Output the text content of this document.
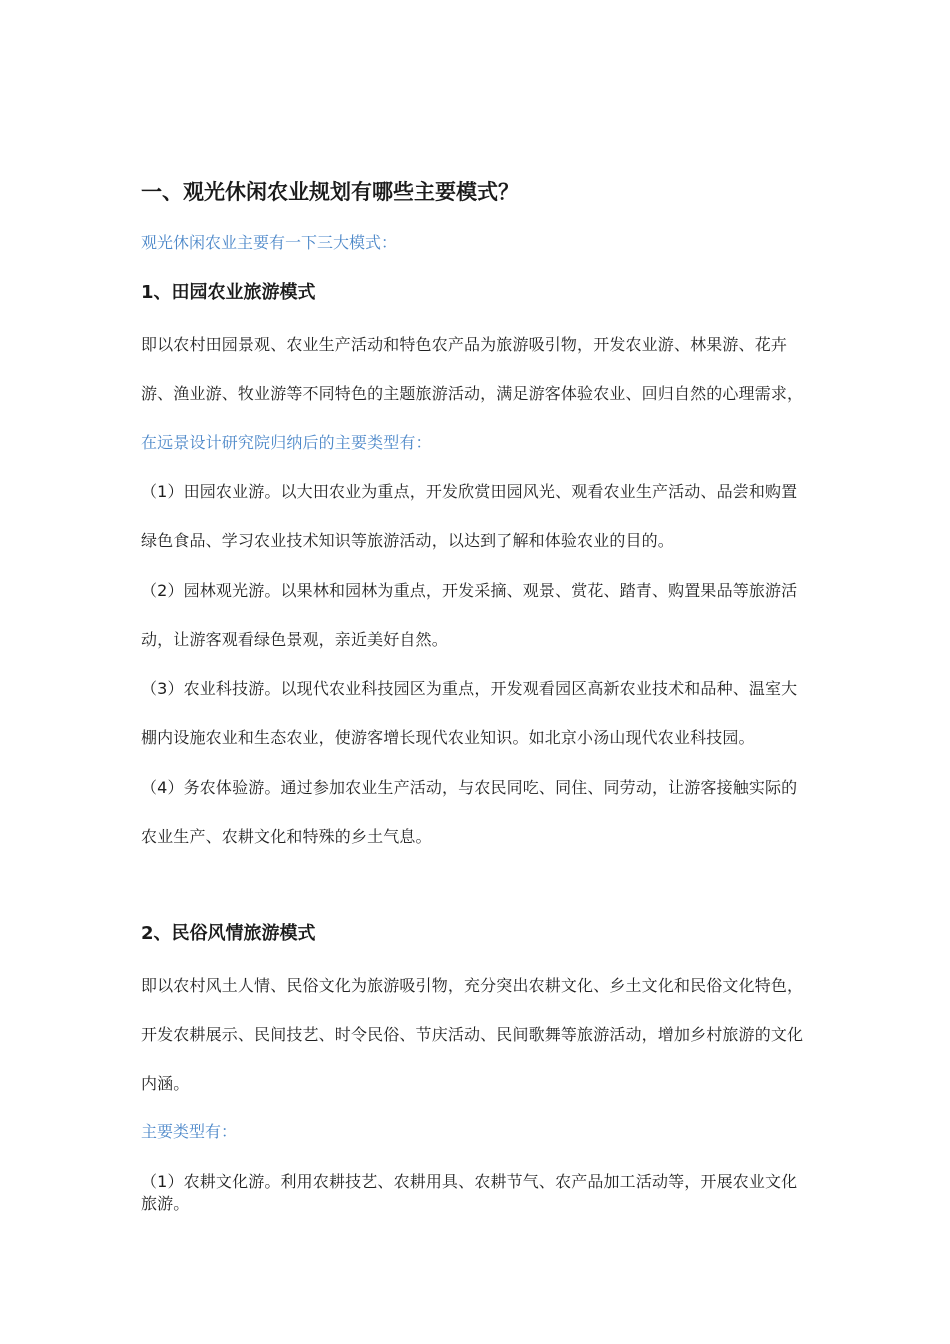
一、观光休闲农业规划有哪些主要模式？

观光休闲农业主要有一下三大模式：

1、田园农业旅游模式

即以农村田园景观、农业生产活动和特色农产品为旅游吸引物，开发农业游、林果游、花卉游、渔业游、牧业游等不同特色的主题旅游活动，满足游客体验农业、回归自然的心理需求，在远景设计研究院归纳后的主要类型有：

（1）田园农业游。以大田农业为重点，开发欣赏田园风光、观看农业生产活动、品尝和购置绿色食品、学习农业技术知识等旅游活动，以达到了解和体验农业的目的。

（2）园林观光游。以果林和园林为重点，开发采摘、观景、赏花、踏青、购置果品等旅游活动，让游客观看绿色景观，亲近美好自然。

（3）农业科技游。以现代农业科技园区为重点，开发观看园区高新农业技术和品种、温室大棚内设施农业和生态农业，使游客增长现代农业知识。如北京小汤山现代农业科技园。

（4）务农体验游。通过参加农业生产活动，与农民同吃、同住、同劳动，让游客接触实际的农业生产、农耕文化和特殊的乡土气息。

2、民俗风情旅游模式

即以农村风土人情、民俗文化为旅游吸引物，充分突出农耕文化、乡土文化和民俗文化特色，开发农耕展示、民间技艺、时令民俗、节庆活动、民间歌舞等旅游活动，增加乡村旅游的文化内涵。

主要类型有：

（1）农耕文化游。利用农耕技艺、农耕用具、农耕节气、农产品加工活动等，开展农业文化旅游。
